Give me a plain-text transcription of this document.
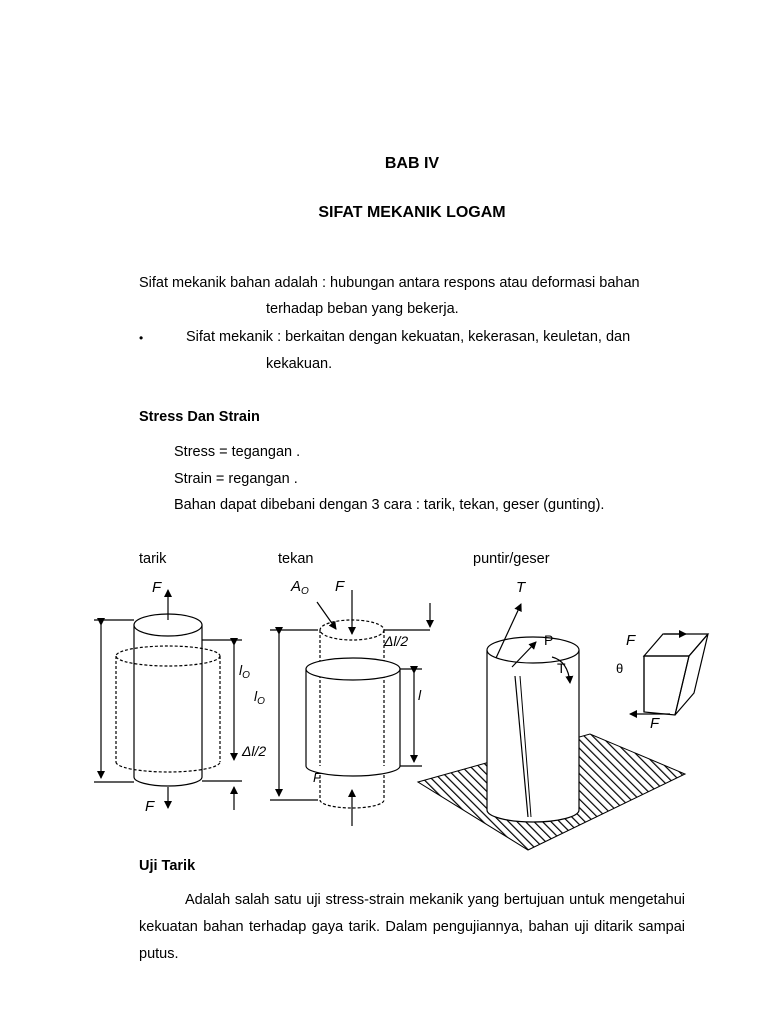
BAB IV
SIFAT MEKANIK LOGAM
Sifat mekanik bahan adalah : hubungan antara respons atau deformasi bahan
terhadap beban yang bekerja.
•	Sifat mekanik : berkaitan dengan kekuatan, kekerasan, keuletan, dan
kekakuan.
Stress Dan Strain
Stress = tegangan .
Strain = regangan .
Bahan dapat dibebani dengan 3 cara : tarik, tekan, geser (gunting).
tarik	tekan	puntir/geser
F
F
$l_O$
Δl/2
$A_O$ F
Δl/2
$l_O$	l
F
T
P
T
F
θ
F
Uji Tarik
Adalah salah satu uji stress-strain mekanik yang bertujuan untuk mengetahui kekuatan bahan terhadap gaya tarik. Dalam pengujiannya, bahan uji ditarik sampai putus.
